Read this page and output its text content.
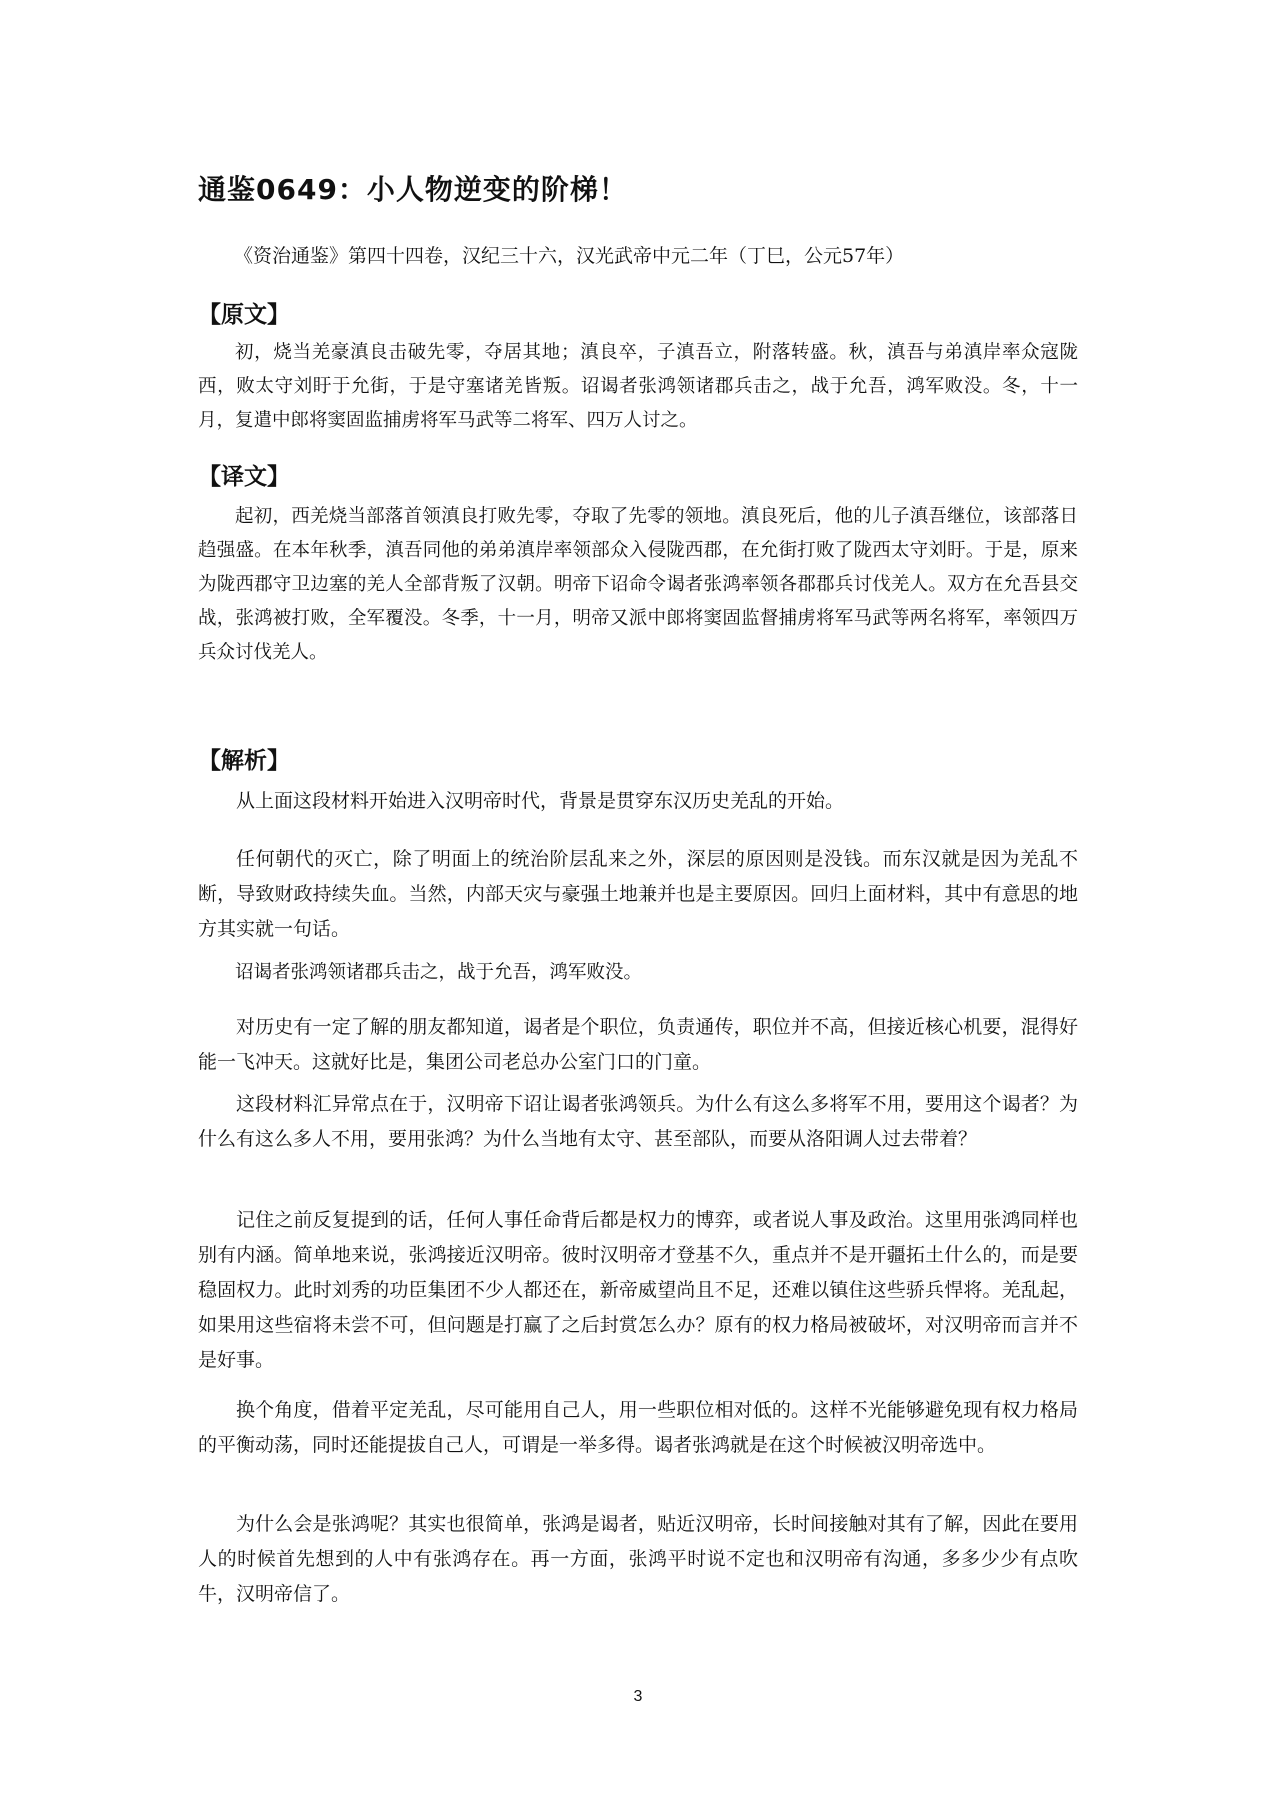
通鉴0649：小人物逆变的阶梯！
《资治通鉴》第四十四卷，汉纪三十六，汉光武帝中元二年（丁巳，公元57年）
【原文】
初，烧当羌豪滇良击破先零，夺居其地；滇良卒，子滇吾立，附落转盛。秋，滇吾与弟滇岸率众寇陇西，败太守刘盱于允街，于是守塞诸羌皆叛。诏谒者张鸿领诸郡兵击之，战于允吾，鸿军败没。冬，十一月，复遣中郎将窦固监捕虏将军马武等二将军、四万人讨之。
【译文】
起初，西羌烧当部落首领滇良打败先零，夺取了先零的领地。滇良死后，他的儿子滇吾继位，该部落日趋强盛。在本年秋季，滇吾同他的弟弟滇岸率领部众入侵陇西郡，在允街打败了陇西太守刘盱。于是，原来为陇西郡守卫边塞的羌人全部背叛了汉朝。明帝下诏命令谒者张鸿率领各郡郡兵讨伐羌人。双方在允吾县交战，张鸿被打败，全军覆没。冬季，十一月，明帝又派中郎将窦固监督捕虏将军马武等两名将军，率领四万兵众讨伐羌人。
【解析】
从上面这段材料开始进入汉明帝时代，背景是贯穿东汉历史羌乱的开始。
任何朝代的灭亡，除了明面上的统治阶层乱来之外，深层的原因则是没钱。而东汉就是因为羌乱不断，导致财政持续失血。当然，内部天灾与豪强土地兼并也是主要原因。回归上面材料，其中有意思的地方其实就一句话。
诏谒者张鸿领诸郡兵击之，战于允吾，鸿军败没。
对历史有一定了解的朋友都知道，谒者是个职位，负责通传，职位并不高，但接近核心机要，混得好能一飞冲天。这就好比是，集团公司老总办公室门口的门童。
这段材料汇异常点在于，汉明帝下诏让谒者张鸿领兵。为什么有这么多将军不用，要用这个谒者？为什么有这么多人不用，要用张鸿？为什么当地有太守、甚至部队，而要从洛阳调人过去带着？
记住之前反复提到的话，任何人事任命背后都是权力的博弈，或者说人事及政治。这里用张鸿同样也别有内涵。简单地来说，张鸿接近汉明帝。彼时汉明帝才登基不久，重点并不是开疆拓土什么的，而是要稳固权力。此时刘秀的功臣集团不少人都还在，新帝威望尚且不足，还难以镇住这些骄兵悍将。羌乱起，如果用这些宿将未尝不可，但问题是打赢了之后封赏怎么办？原有的权力格局被破坏，对汉明帝而言并不是好事。
换个角度，借着平定羌乱，尽可能用自己人，用一些职位相对低的。这样不光能够避免现有权力格局的平衡动荡，同时还能提拔自己人，可谓是一举多得。谒者张鸿就是在这个时候被汉明帝选中。
为什么会是张鸿呢？其实也很简单，张鸿是谒者，贴近汉明帝，长时间接触对其有了解，因此在要用人的时候首先想到的人中有张鸿存在。再一方面，张鸿平时说不定也和汉明帝有沟通，多多少少有点吹牛，汉明帝信了。
3
